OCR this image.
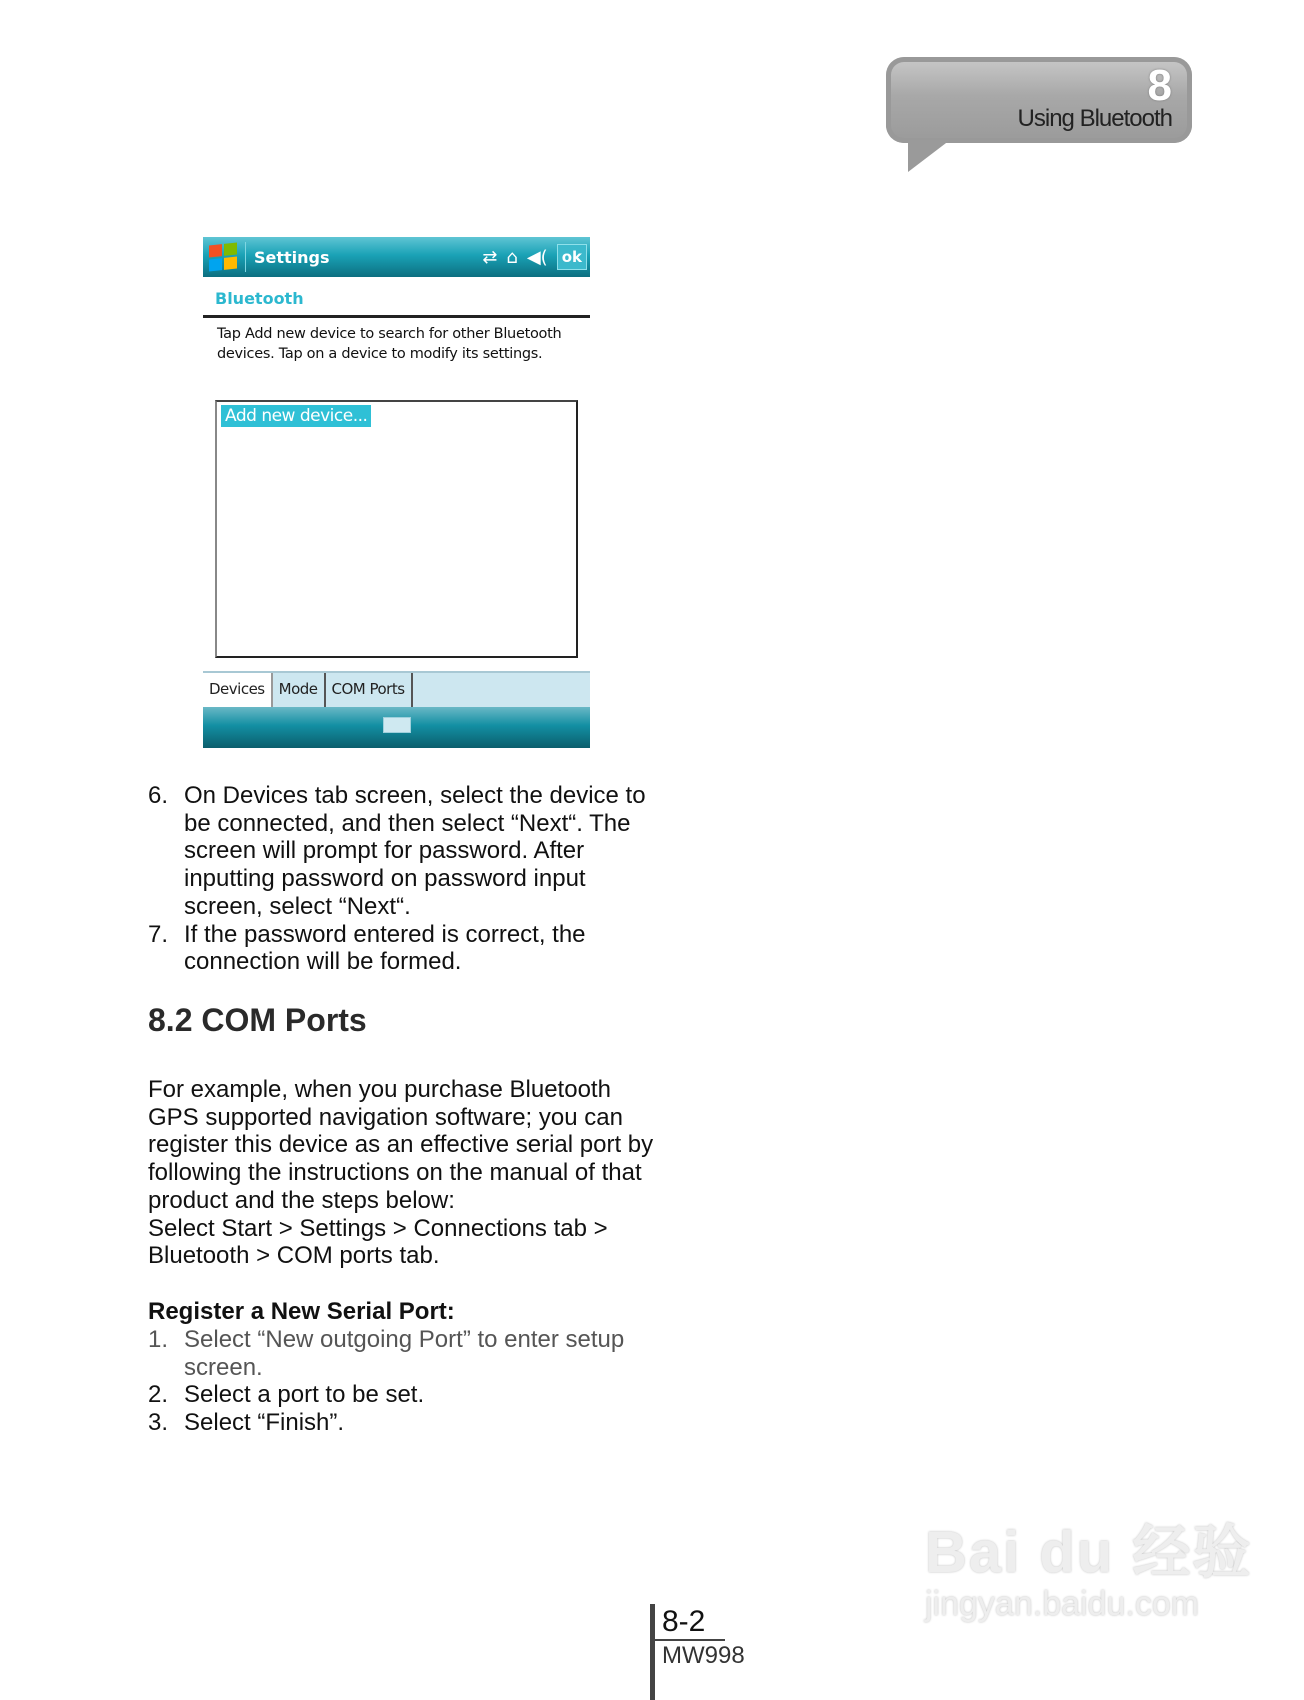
8
Using Bluetooth
Settings	⇄ ⌂ ◀( ok
Bluetooth
Tap Add new device to search for other Bluetooth devices. Tap on a device to modify its settings.
Add new device...
Devices Mode COM Ports
6. On Devices tab screen, select the device to be connected, and then select “Next“. The screen will prompt for password. After inputting password on password input screen, select “Next“.
7. If the password entered is correct, the connection will be formed.
8.2 COM Ports
For example, when you purchase Bluetooth GPS supported navigation software; you can register this device as an effective serial port by following the instructions on the manual of that product and the steps below:
Select Start > Settings > Connections tab > Bluetooth > COM ports tab.
Register a New Serial Port:
1. Select “New outgoing Port” to enter setup screen.
2. Select a port to be set.
3. Select “Finish”.
8-2
MW998
Bai du 经验
jingyan.baidu.com
